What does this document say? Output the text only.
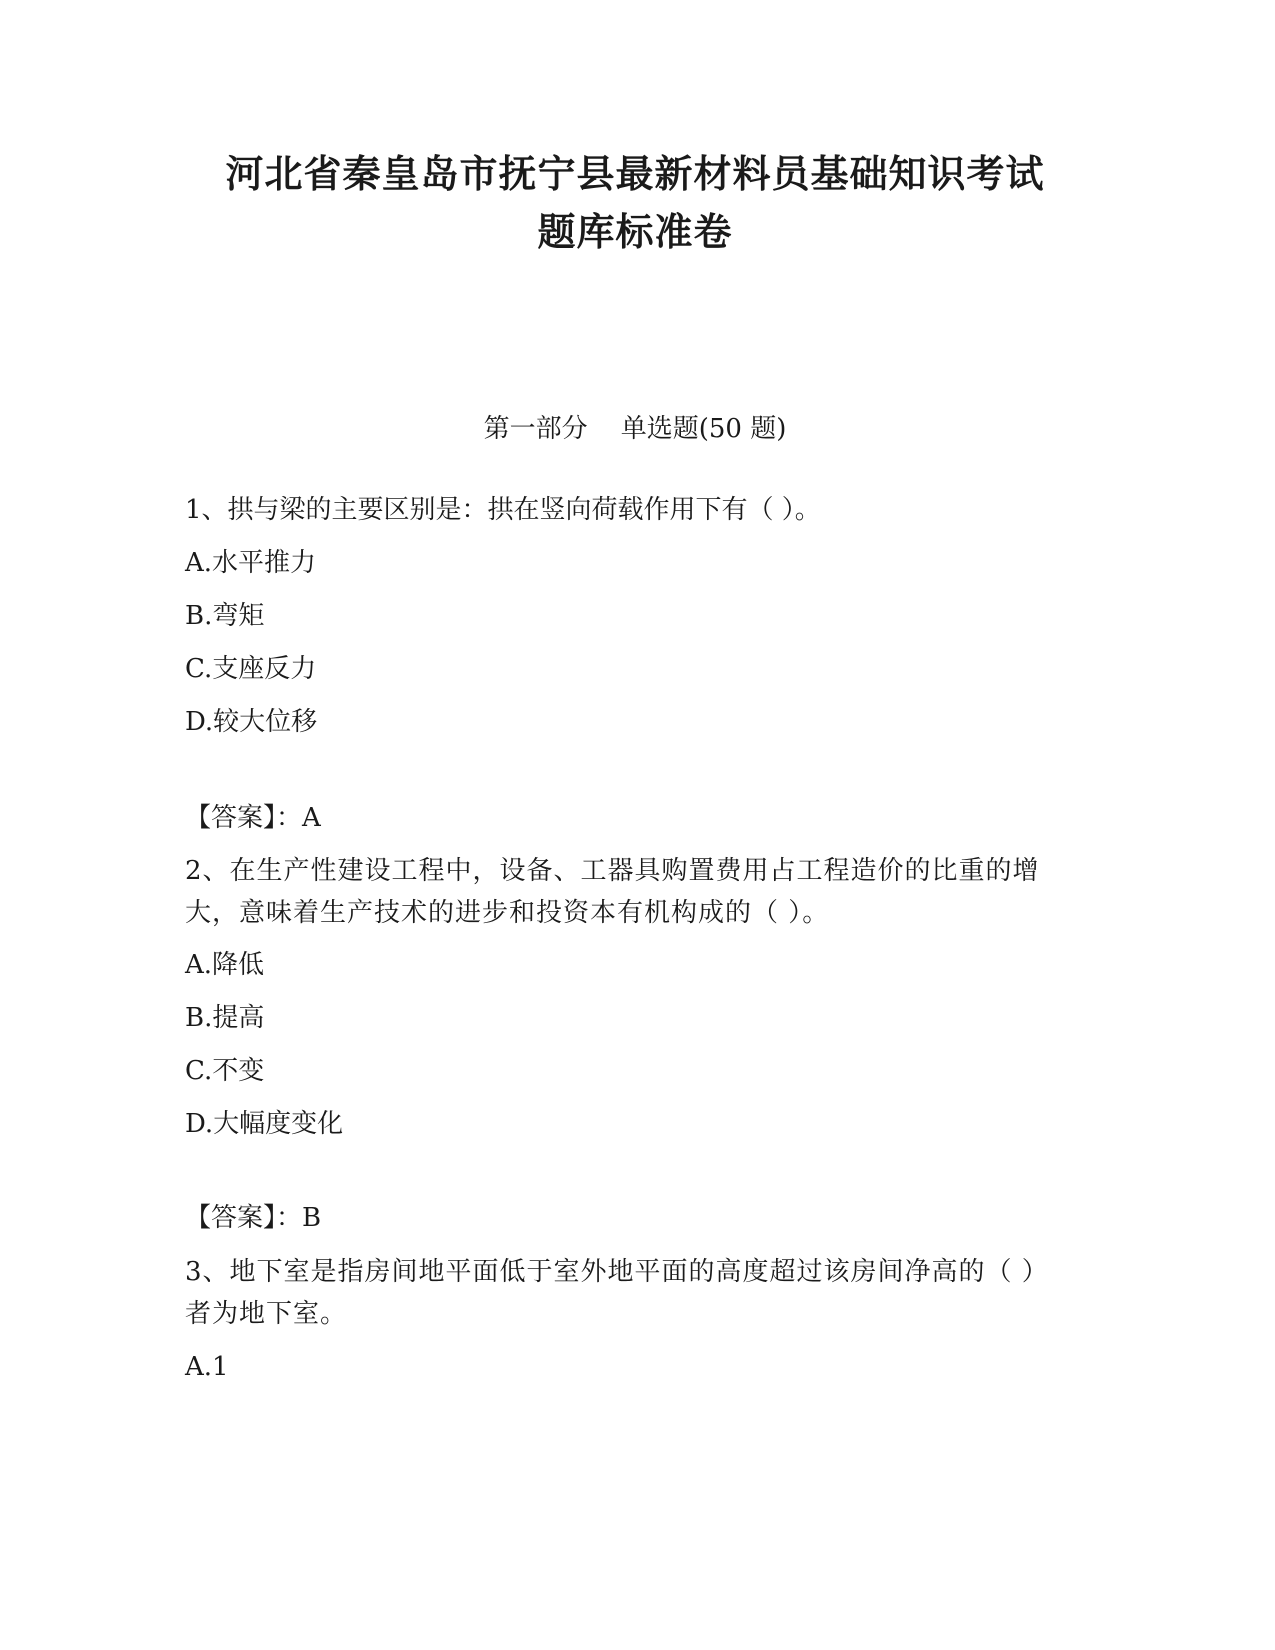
河北省秦皇岛市抚宁县最新材料员基础知识考试
题库标准卷
第一部分    单选题(50 题)
1、拱与梁的主要区别是：拱在竖向荷载作用下有（ ）。
A.水平推力
B.弯矩
C.支座反力
D.较大位移
【答案】：A
2、在生产性建设工程中，设备、工器具购置费用占工程造价的比重的增大，意味着生产技术的进步和投资本有机构成的（ ）。
A.降低
B.提高
C.不变
D.大幅度变化
【答案】：B
3、地下室是指房间地平面低于室外地平面的高度超过该房间净高的（ ）者为地下室。
A.1
